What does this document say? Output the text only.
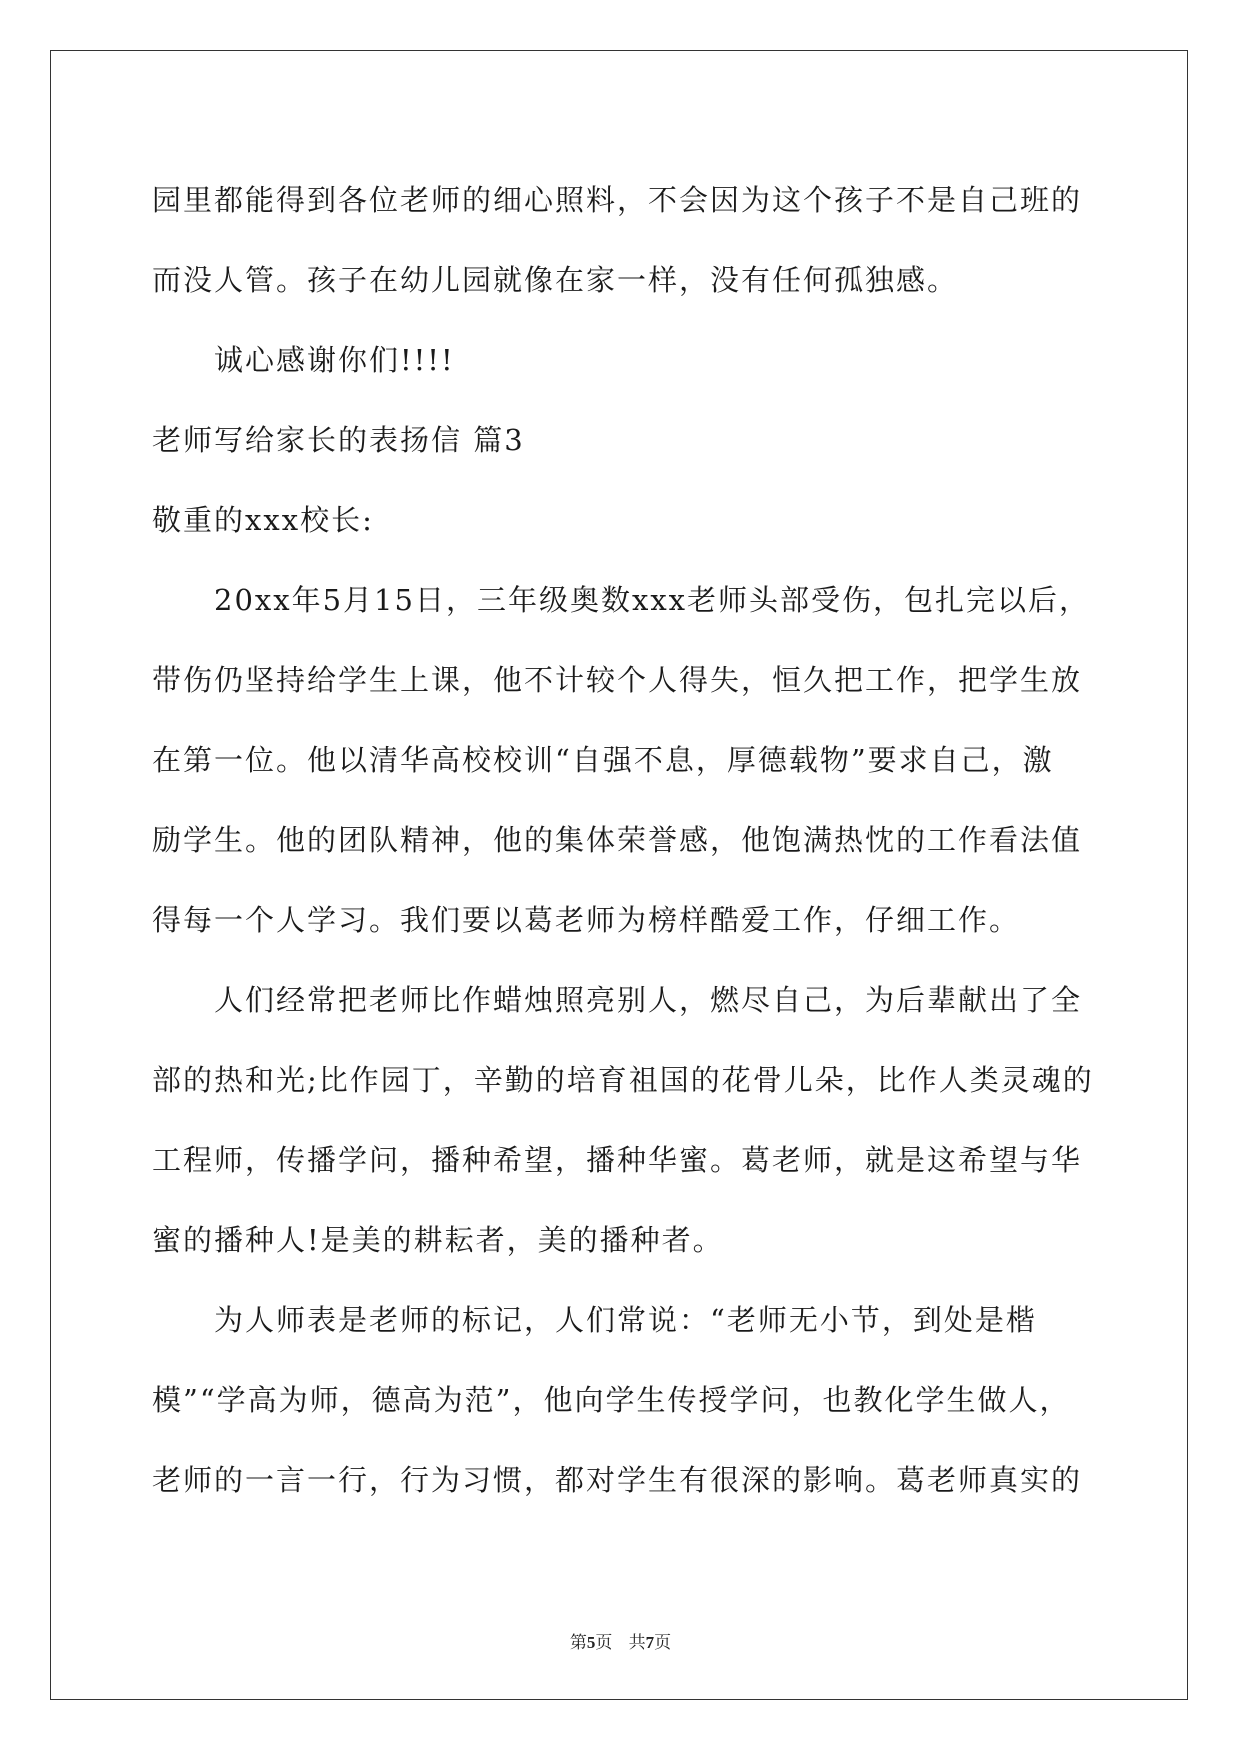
园里都能得到各位老师的细心照料，不会因为这个孩子不是自己班的
而没人管。孩子在幼儿园就像在家一样，没有任何孤独感。
诚心感谢你们!!!!
老师写给家长的表扬信 篇3
敬重的xxx校长:
20xx年5月15日，三年级奥数xxx老师头部受伤，包扎完以后，
带伤仍坚持给学生上课，他不计较个人得失，恒久把工作，把学生放
在第一位。他以清华高校校训“自强不息，厚德载物”要求自己，激
励学生。他的团队精神，他的集体荣誉感，他饱满热忱的工作看法值
得每一个人学习。我们要以葛老师为榜样酷爱工作，仔细工作。
人们经常把老师比作蜡烛照亮别人，燃尽自己，为后辈献出了全
部的热和光;比作园丁，辛勤的培育祖国的花骨儿朵，比作人类灵魂的
工程师，传播学问，播种希望，播种华蜜。葛老师，就是这希望与华
蜜的播种人!是美的耕耘者，美的播种者。
为人师表是老师的标记，人们常说：“老师无小节，到处是楷
模”“学高为师，德高为范”，他向学生传授学问，也教化学生做人，
老师的一言一行，行为习惯，都对学生有很深的影响。葛老师真实的
第5页 共7页
